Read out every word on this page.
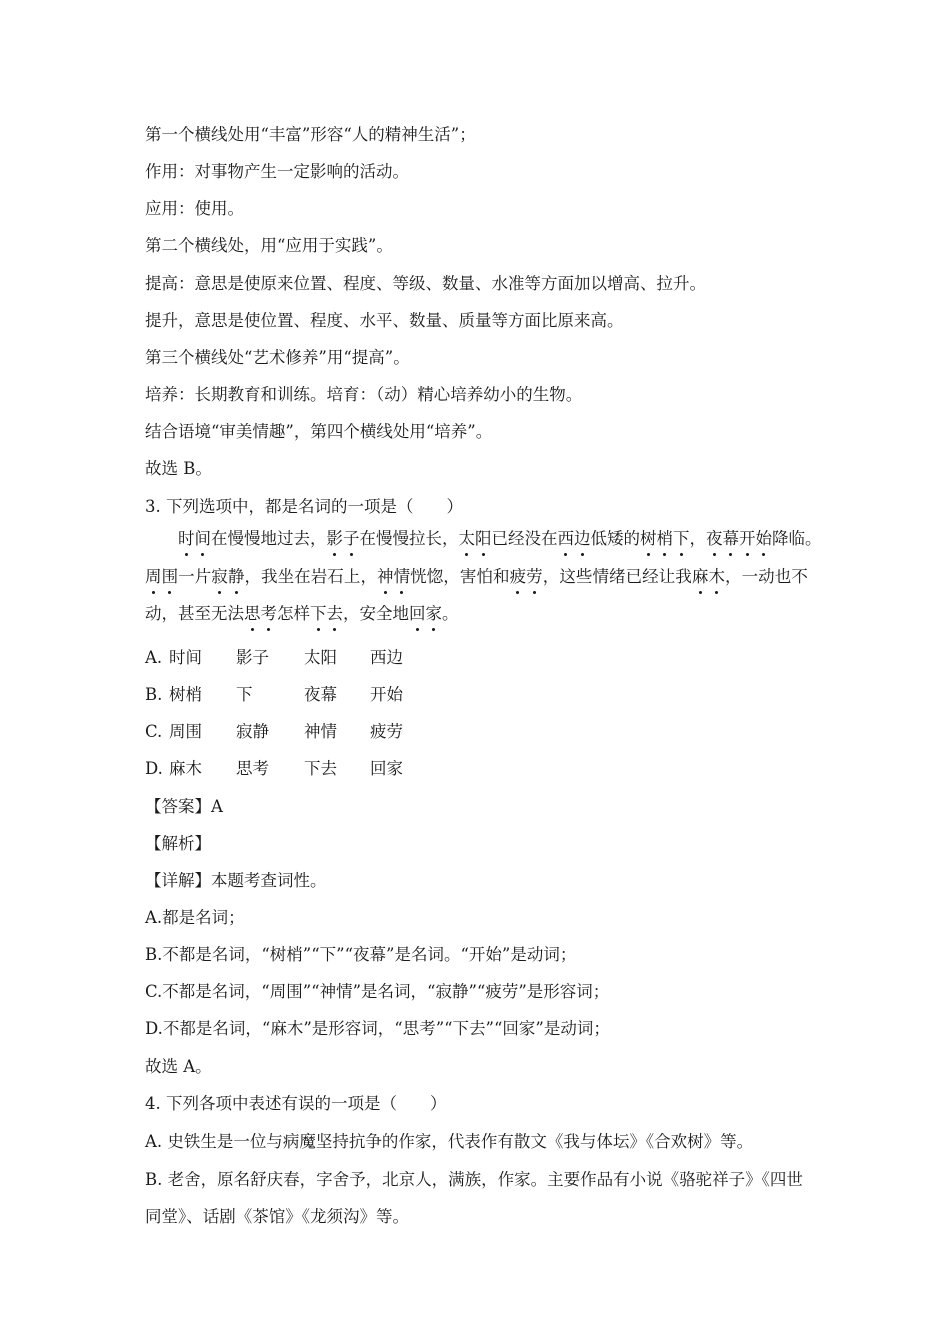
第一个横线处用“丰富”形容“人的精神生活”；
作用：对事物产生一定影响的活动。
应用：使用。
第二个横线处，用“应用于实践”。
提高：意思是使原来位置、程度、等级、数量、水准等方面加以增高、拉升。
提升，意思是使位置、程度、水平、数量、质量等方面比原来高。
第三个横线处“艺术修养”用“提高”。
培养：长期教育和训练。培育：（动）精心培养幼小的生物。
结合语境“审美情趣”，第四个横线处用“培养”。
故选 B。
3. 下列选项中，都是名词的一项是（　　）
　　时间在慢慢地过去，影子在慢慢拉长，太阳已经没在西边低矮的树梢下，夜幕开始降临。
周围一片寂静，我坐在岩石上，神情恍惚，害怕和疲劳，这些情绪已经让我麻木，一动也不
动，甚至无法思考怎样下去，安全地回家。
A. 时间 影子 太阳 西边
B. 树梢 下	夜幕 开始
C. 周围 寂静 神情 疲劳
D. 麻木 思考 下去 回家
【答案】A
【解析】
【详解】本题考查词性。
A.都是名词；
B.不都是名词，“树梢”“下”“夜幕”是名词。“开始”是动词；
C.不都是名词，“周围”“神情”是名词，“寂静”“疲劳”是形容词；
D.不都是名词，“麻木”是形容词，“思考”“下去”“回家”是动词；
故选 A。
4. 下列各项中表述有误的一项是（　　）
A. 史铁生是一位与病魔坚持抗争的作家，代表作有散文《我与体坛》《合欢树》等。
B. 老舍，原名舒庆春，字舍予，北京人，满族，作家。主要作品有小说《骆驼祥子》《四世
同堂》、话剧《茶馆》《龙须沟》等。
